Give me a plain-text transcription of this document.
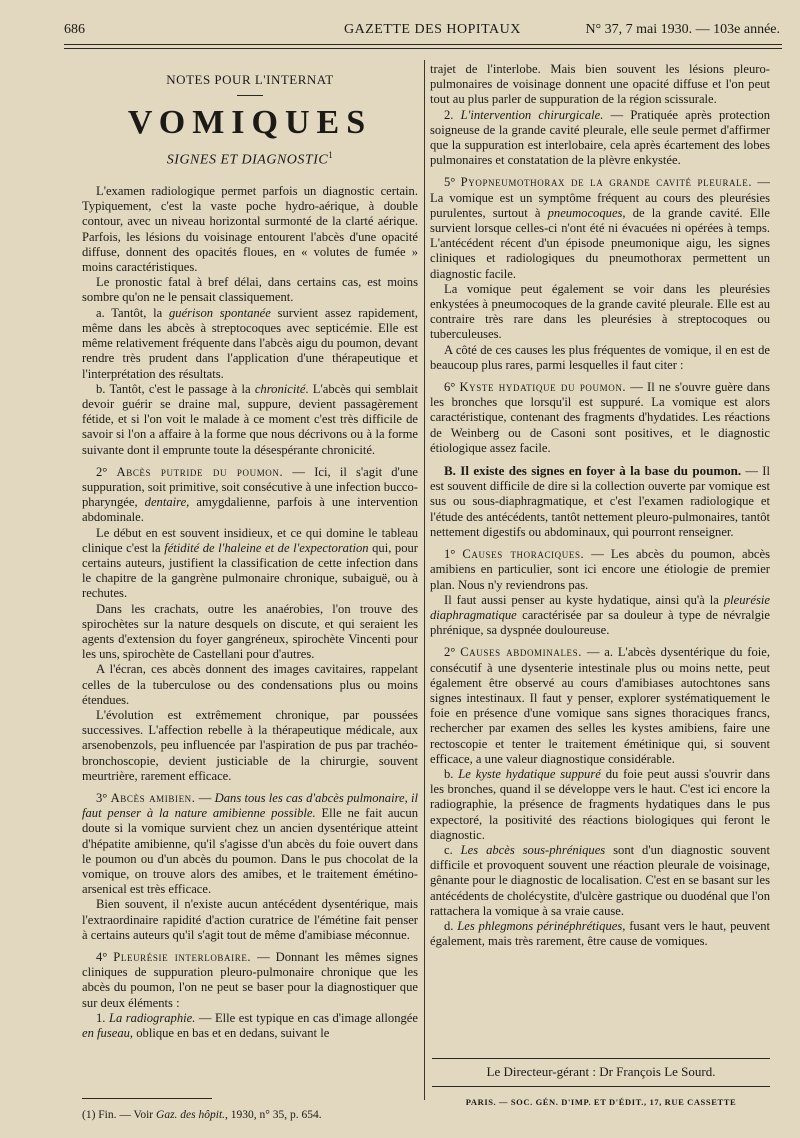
686	GAZETTE DES HOPITAUX	N° 37, 7 mai 1930. — 103e année.
NOTES POUR L'INTERNAT
VOMIQUES
SIGNES ET DIAGNOSTIC$^1$

L'examen radiologique permet parfois un diagnostic certain. Typiquement, c'est la vaste poche hydro-aérique, à double contour, avec un niveau horizontal surmonté de la clarté aérique. Parfois, les lésions du voisinage entourent l'abcès d'une opacité diffuse, donnent des opacités floues, en « volutes de fumée » moins caractéristiques.

Le pronostic fatal à bref délai, dans certains cas, est moins sombre qu'on ne le pensait classiquement.

a. Tantôt, la guérison spontanée survient assez rapidement, même dans les abcès à streptocoques avec septicémie. Elle est même relativement fréquente dans l'abcès aigu du poumon, devant rendre très prudent dans l'application d'une thérapeutique et l'interprétation des résultats.

b. Tantôt, c'est le passage à la chronicité. L'abcès qui semblait devoir guérir se draine mal, suppure, devient passagèrement fétide, et si l'on voit le malade à ce moment c'est très difficile de savoir si l'on a affaire à la forme que nous décrivons ou à la forme suivante dont il emprunte toute la désespérante chronicité.

2° Abcès putride du poumon. — Ici, il s'agit d'une suppuration, soit primitive, soit consécutive à une infection bucco-pharyngée, dentaire, amygdalienne, parfois à une intervention abdominale.

Le début en est souvent insidieux, et ce qui domine le tableau clinique c'est la fétidité de l'haleine et de l'expectoration qui, pour certains auteurs, justifient la classification de cette infection dans le chapitre de la gangrène pulmonaire chronique, subaiguë, ou à rechutes.

Dans les crachats, outre les anaérobies, l'on trouve des spirochètes sur la nature desquels on discute, et qui seraient les agents d'extension du foyer gangréneux, spirochète Vincenti pour les uns, spirochète de Castellani pour d'autres.

A l'écran, ces abcès donnent des images cavitaires, rappelant celles de la tuberculose ou des condensations plus ou moins étendues.

L'évolution est extrêmement chronique, par poussées successives. L'affection rebelle à la thérapeutique médicale, aux arsenobenzols, peu influencée par l'aspiration de pus par trachéo-bronchoscopie, devient justiciable de la chirurgie, souvent meurtrière, rarement efficace.

3° Abcès amibien. — Dans tous les cas d'abcès pulmonaire, il faut penser à la nature amibienne possible. Elle ne fait aucun doute si la vomique survient chez un ancien dysentérique atteint d'hépatite amibienne, qu'il s'agisse d'un abcès du foie ouvert dans le poumon ou d'un abcès du poumon. Dans le pus chocolat de la vomique, on trouve alors des amibes, et le traitement émétino-arsenical est très efficace.

Bien souvent, il n'existe aucun antécédent dysentérique, mais l'extraordinaire rapidité d'action curatrice de l'émétine fait penser à certains auteurs qu'il s'agit tout de même d'amibiase méconnue.

4° Pleurésie interlobaire. — Donnant les mêmes signes cliniques de suppuration pleuro-pulmonaire chronique que les abcès du poumon, l'on ne peut se baser pour la diagnostiquer que sur deux éléments :

1. La radiographie. — Elle est typique en cas d'image allongée en fuseau, oblique en bas et en dedans, suivant le

(1) Fin. — Voir Gaz. des hôpit., 1930, n° 35, p. 654.

trajet de l'interlobe. Mais bien souvent les lésions pleuro-pulmonaires de voisinage donnent une opacité diffuse et l'on peut tout au plus parler de suppuration de la région scissurale.

2. L'intervention chirurgicale. — Pratiquée après protection soigneuse de la grande cavité pleurale, elle seule permet d'affirmer que la suppuration est interlobaire, cela après écartement des lobes pulmonaires et constatation de la plèvre enkystée.

5° Pyopneumothorax de la grande cavité pleurale. — La vomique est un symptôme fréquent au cours des pleurésies purulentes, surtout à pneumocoques, de la grande cavité. Elle survient lorsque celles-ci n'ont été ni évacuées ni opérées à temps. L'antécédent récent d'un épisode pneumonique aigu, les signes cliniques et radiologiques du pneumothorax permettent un diagnostic facile.

La vomique peut également se voir dans les pleurésies enkystées à pneumocoques de la grande cavité pleurale. Elle est au contraire très rare dans les pleurésies à streptocoques ou tuberculeuses.

A côté de ces causes les plus fréquentes de vomique, il en est de beaucoup plus rares, parmi lesquelles il faut citer :

6° Kyste hydatique du poumon. — Il ne s'ouvre guère dans les bronches que lorsqu'il est suppuré. La vomique est alors caractéristique, contenant des fragments d'hydatides. Les réactions de Weinberg ou de Casoni sont positives, et le diagnostic étiologique assez facile.

B. Il existe des signes en foyer à la base du poumon. — Il est souvent difficile de dire si la collection ouverte par vomique est sus ou sous-diaphragmatique, et c'est l'examen radiologique et l'étude des antécédents, tantôt nettement pleuro-pulmonaires, tantôt nettement digestifs ou abdominaux, qui pourront renseigner.

1° Causes thoraciques. — Les abcès du poumon, abcès amibiens en particulier, sont ici encore une étiologie de premier plan. Nous n'y reviendrons pas.

Il faut aussi penser au kyste hydatique, ainsi qu'à la pleurésie diaphragmatique caractérisée par sa douleur à type de névralgie phrénique, sa dyspnée douloureuse.

2° Causes abdominales. — a. L'abcès dysentérique du foie, consécutif à une dysenterie intestinale plus ou moins nette, peut également être observé au cours d'amibiases autochtones sans signes intestinaux. Il faut y penser, explorer systématiquement le foie en présence d'une vomique sans signes thoraciques francs, rechercher par examen des selles les kystes amibiens, faire une rectoscopie et tenter le traitement émétinique qui, si souvent efficace, a une valeur diagnostique considérable.

b. Le kyste hydatique suppuré du foie peut aussi s'ouvrir dans les bronches, quand il se développe vers le haut. C'est ici encore la radiographie, la présence de fragments hydatiques dans le pus expectoré, la positivité des réactions biologiques qui feront le diagnostic.

c. Les abcès sous-phréniques sont d'un diagnostic souvent difficile et provoquent souvent une réaction pleurale de voisinage, gênante pour le diagnostic de localisation. C'est en se basant sur les antécédents de cholécystite, d'ulcère gastrique ou duodénal que l'on rattachera la vomique à sa vraie cause.

d. Les phlegmons périnéphrétiques, fusant vers le haut, peuvent également, mais très rarement, être cause de vomiques.

Le Directeur-gérant : Dr François Le Sourd.
PARIS. — SOC. GÉN. D'IMP. ET D'ÉDIT., 17, RUE CASSETTE
